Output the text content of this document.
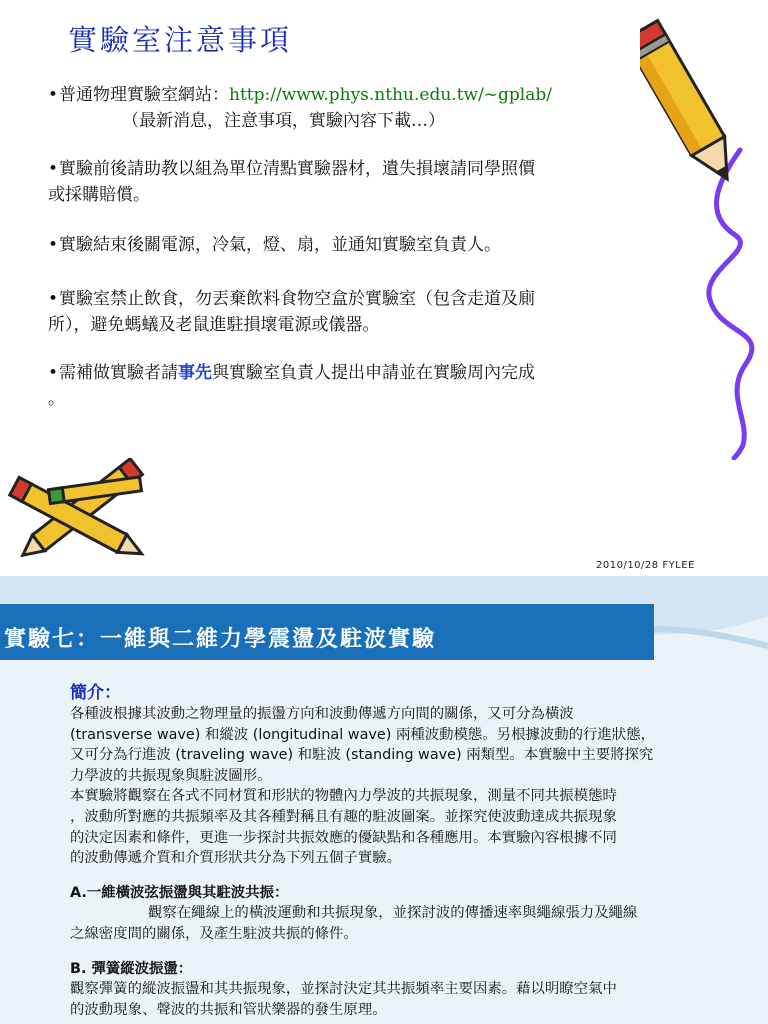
實驗室注意事項
•普通物理實驗室網站：http://www.phys.nthu.edu.tw/~gplab/
（最新消息，注意事項，實驗內容下載…）
•實驗前後請助教以組為單位清點實驗器材，遺失損壞請同學照價
或採購賠償。
•實驗結束後關電源，冷氣，燈、扇，並通知實驗室負責人。
•實驗室禁止飲食，勿丟棄飲料食物空盒於實驗室（包含走道及廁
所），避免螞蟻及老鼠進駐損壞電源或儀器。
•需補做實驗者請事先與實驗室負責人提出申請並在實驗周內完成
。
2010/10/28 FYLEE
實驗七：一維與二維力學震盪及駐波實驗

簡介：

各種波根據其波動之物理量的振盪方向和波動傳遞方向間的關係，又可分為橫波

(transverse wave) 和縱波 (longitudinal wave) 兩種波動模態。另根據波動的行進狀態，

又可分為行進波 (traveling wave) 和駐波 (standing wave) 兩類型。本實驗中主要將探究

力學波的共振現象與駐波圖形。

本實驗將觀察在各式不同材質和形狀的物體內力學波的共振現象，測量不同共振模態時

，波動所對應的共振頻率及其各種對稱且有趣的駐波圖案。並探究使波動達成共振現象

的決定因素和條件，更進一步探討共振效應的優缺點和各種應用。本實驗內容根據不同

的波動傳遞介質和介質形狀共分為下列五個子實驗。

A.一維橫波弦振盪與其駐波共振：

觀察在繩線上的橫波運動和共振現象，並探討波的傳播速率與繩線張力及繩線

之線密度間的關係，及產生駐波共振的條件。

B. 彈簧縱波振盪：

觀察彈簧的縱波振盪和其共振現象，並探討決定其共振頻率主要因素。藉以明瞭空氣中

的波動現象、聲波的共振和管狀樂器的發生原理。
